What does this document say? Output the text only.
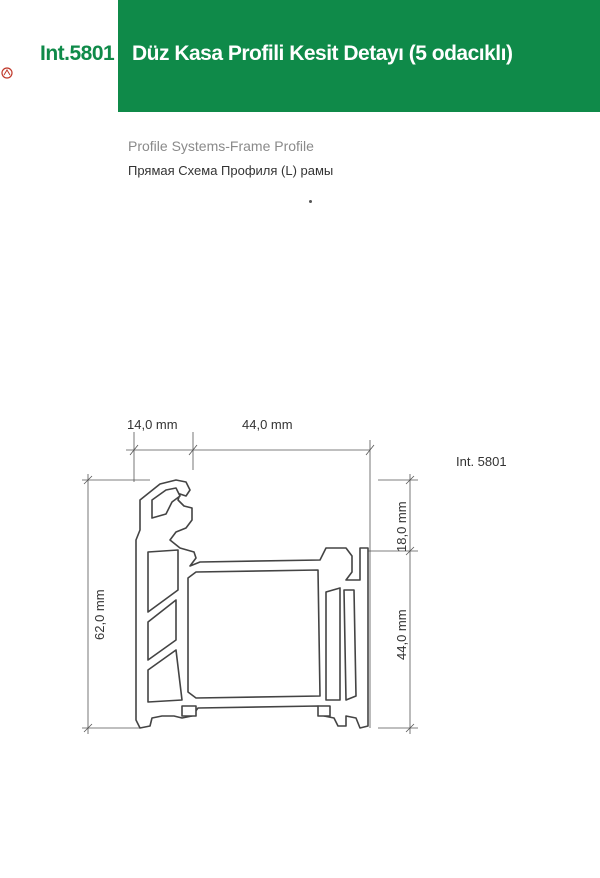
Int.5801 Düz Kasa Profili Kesit Detayı (5 odacıklı)
Profile Systems-Frame Profile
Прямая Схема Профиля (L) рамы
14,0 mm	44,0 mm
Int. 5801
62,0 mm
18,0 mm
44,0 mm
